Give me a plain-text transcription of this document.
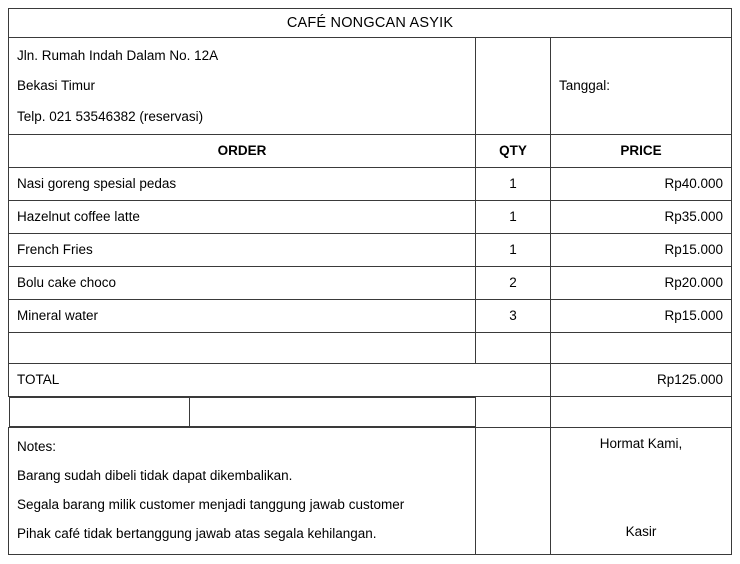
CAFÉ NONGCAN ASYIK

Jln. Rumah Indah Dalam No. 12A
Bekasi Timur
Telp. 021 53546382 (reservasi)
		Tanggal:
ORDER	QTY	PRICE
Nasi goreng spesial pedas	1	Rp40.000
Hazelnut coffee latte	1	Rp35.000
French Fries	1	Rp15.000
Bolu cake choco	2	Rp20.000
Mineral water	3	Rp15.000

TOTAL	Rp125.000

Notes:
Barang sudah dibeli tidak dapat dikembalikan.
Segala barang milik customer menjadi tanggung jawab customer
Pihak café tidak bertanggung jawab atas segala kehilangan.

Hormat Kami,
Kasir
